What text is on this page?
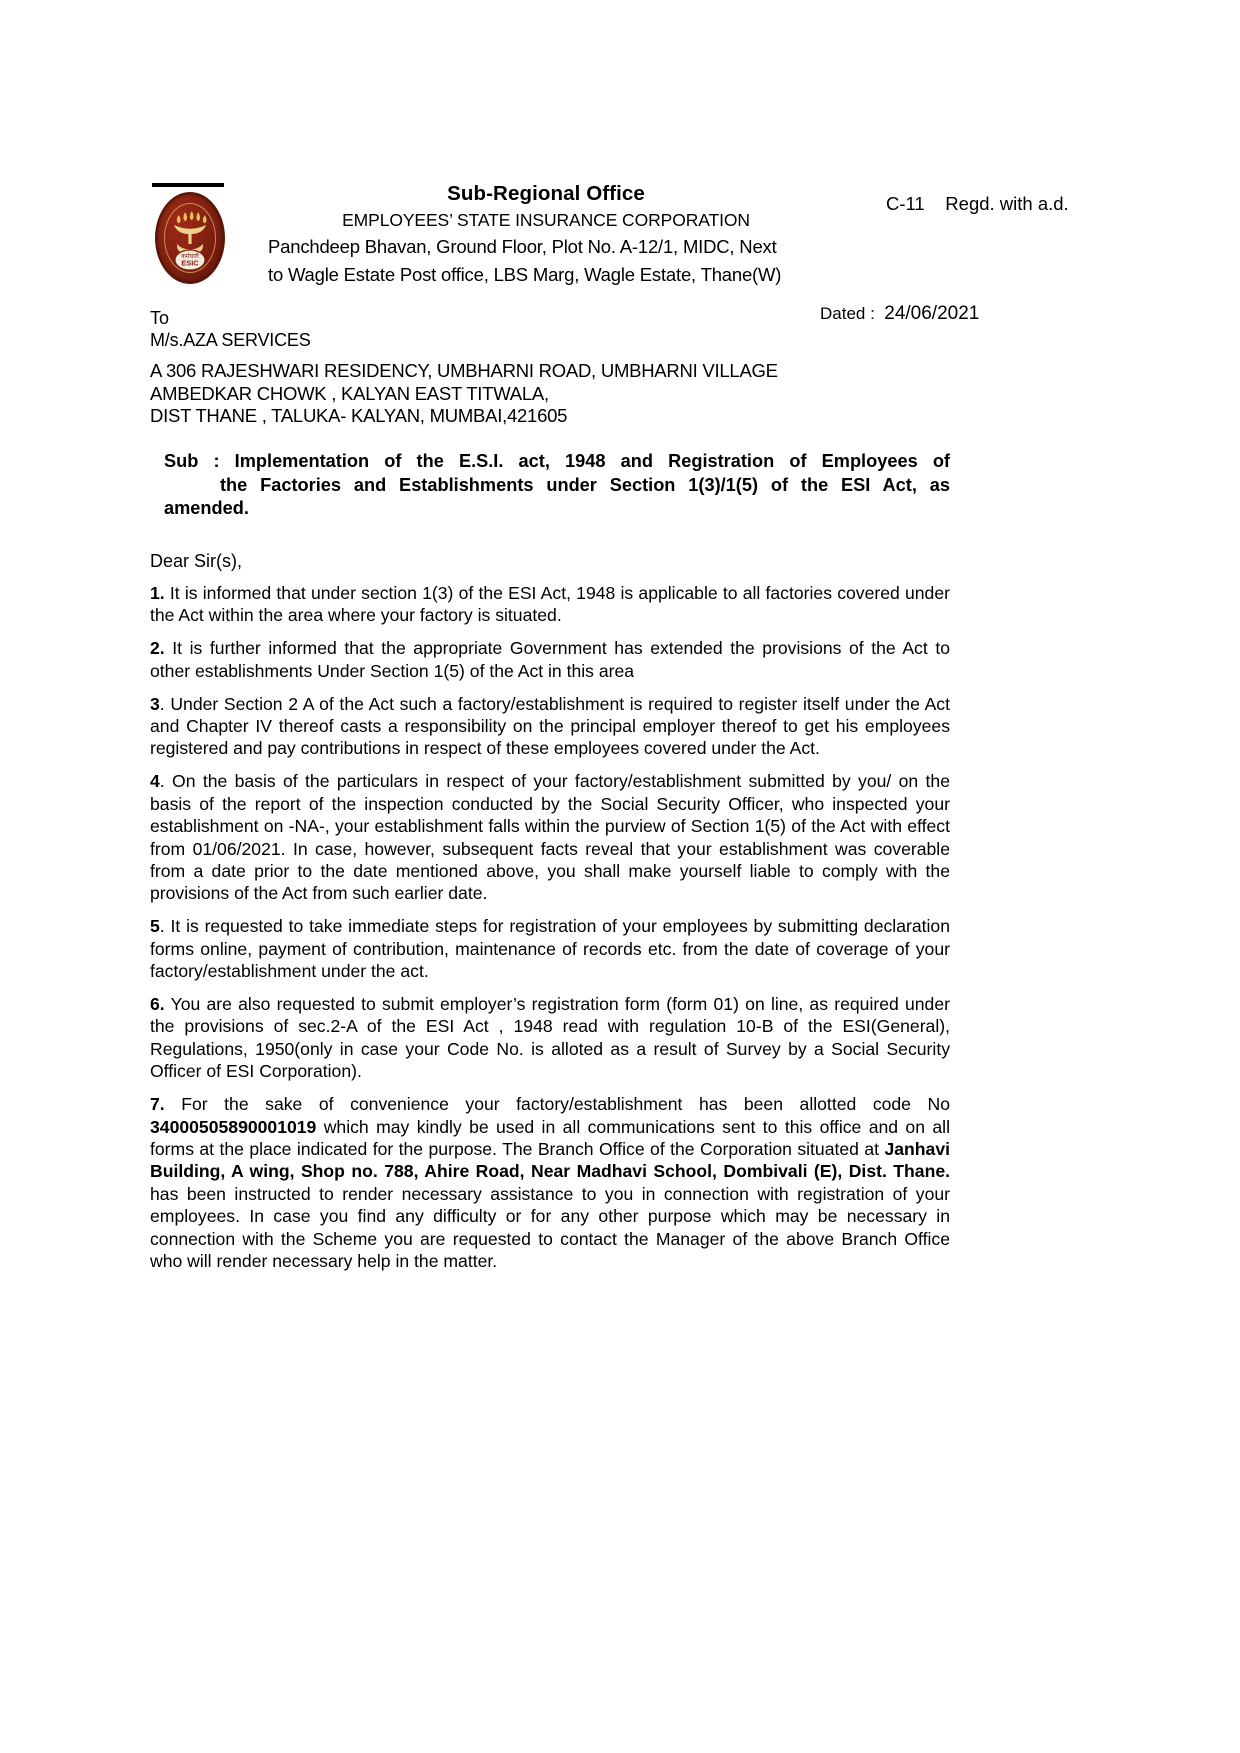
कर्मचारी
ESIC
Sub-Regional Office
EMPLOYEES’ STATE INSURANCE CORPORATION
Panchdeep Bhavan, Ground Floor, Plot No. A-12/1, MIDC, Next
to Wagle Estate Post office, LBS Marg, Wagle Estate, Thane(W)
C-11 Regd. with a.d.
Dated : 24/06/2021
To
M/s.AZA SERVICES
A 306 RAJESHWARI RESIDENCY, UMBHARNI ROAD, UMBHARNI VILLAGE
AMBEDKAR CHOWK , KALYAN EAST TITWALA,
DIST THANE , TALUKA- KALYAN, MUMBAI,421605
Sub : Implementation of the E.S.I. act, 1948 and Registration of Employees of
the Factories and Establishments under Section 1(3)/1(5) of the ESI Act, as
amended.
Dear Sir(s),

1. It is informed that under section 1(3) of the ESI Act, 1948 is applicable to all factories covered under the Act within the area where your factory is situated.

2. It is further informed that the appropriate Government has extended the provisions of the Act to other establishments Under Section 1(5) of the Act in this area

3. Under Section 2 A of the Act such a factory/establishment is required to register itself under the Act and Chapter IV thereof casts a responsibility on the principal employer thereof to get his employees registered and pay contributions in respect of these employees covered under the Act.

4. On the basis of the particulars in respect of your factory/establishment submitted by you/ on the basis of the report of the inspection conducted by the Social Security Officer, who inspected your establishment on -NA-, your establishment falls within the purview of Section 1(5) of the Act with effect from 01/06/2021. In case, however, subsequent facts reveal that your establishment was coverable from a date prior to the date mentioned above, you shall make yourself liable to comply with the provisions of the Act from such earlier date.

5. It is requested to take immediate steps for registration of your employees by submitting declaration forms online, payment of contribution, maintenance of records etc. from the date of coverage of your factory/establishment under the act.

6. You are also requested to submit employer’s registration form (form 01) on line, as required under the provisions of sec.2-A of the ESI Act , 1948 read with regulation 10-B of the ESI(General), Regulations, 1950(only in case your Code No. is alloted as a result of Survey by a Social Security Officer of ESI Corporation).

7. For the sake of convenience your factory/establishment has been allotted code No 34000505890001019 which may kindly be used in all communications sent to this office and on all forms at the place indicated for the purpose. The Branch Office of the Corporation situated at Janhavi Building, A wing, Shop no. 788, Ahire Road, Near Madhavi School, Dombivali (E), Dist. Thane. has been instructed to render necessary assistance to you in connection with registration of your employees. In case you find any difficulty or for any other purpose which may be necessary in connection with the Scheme you are requested to contact the Manager of the above Branch Office who will render necessary help in the matter.
